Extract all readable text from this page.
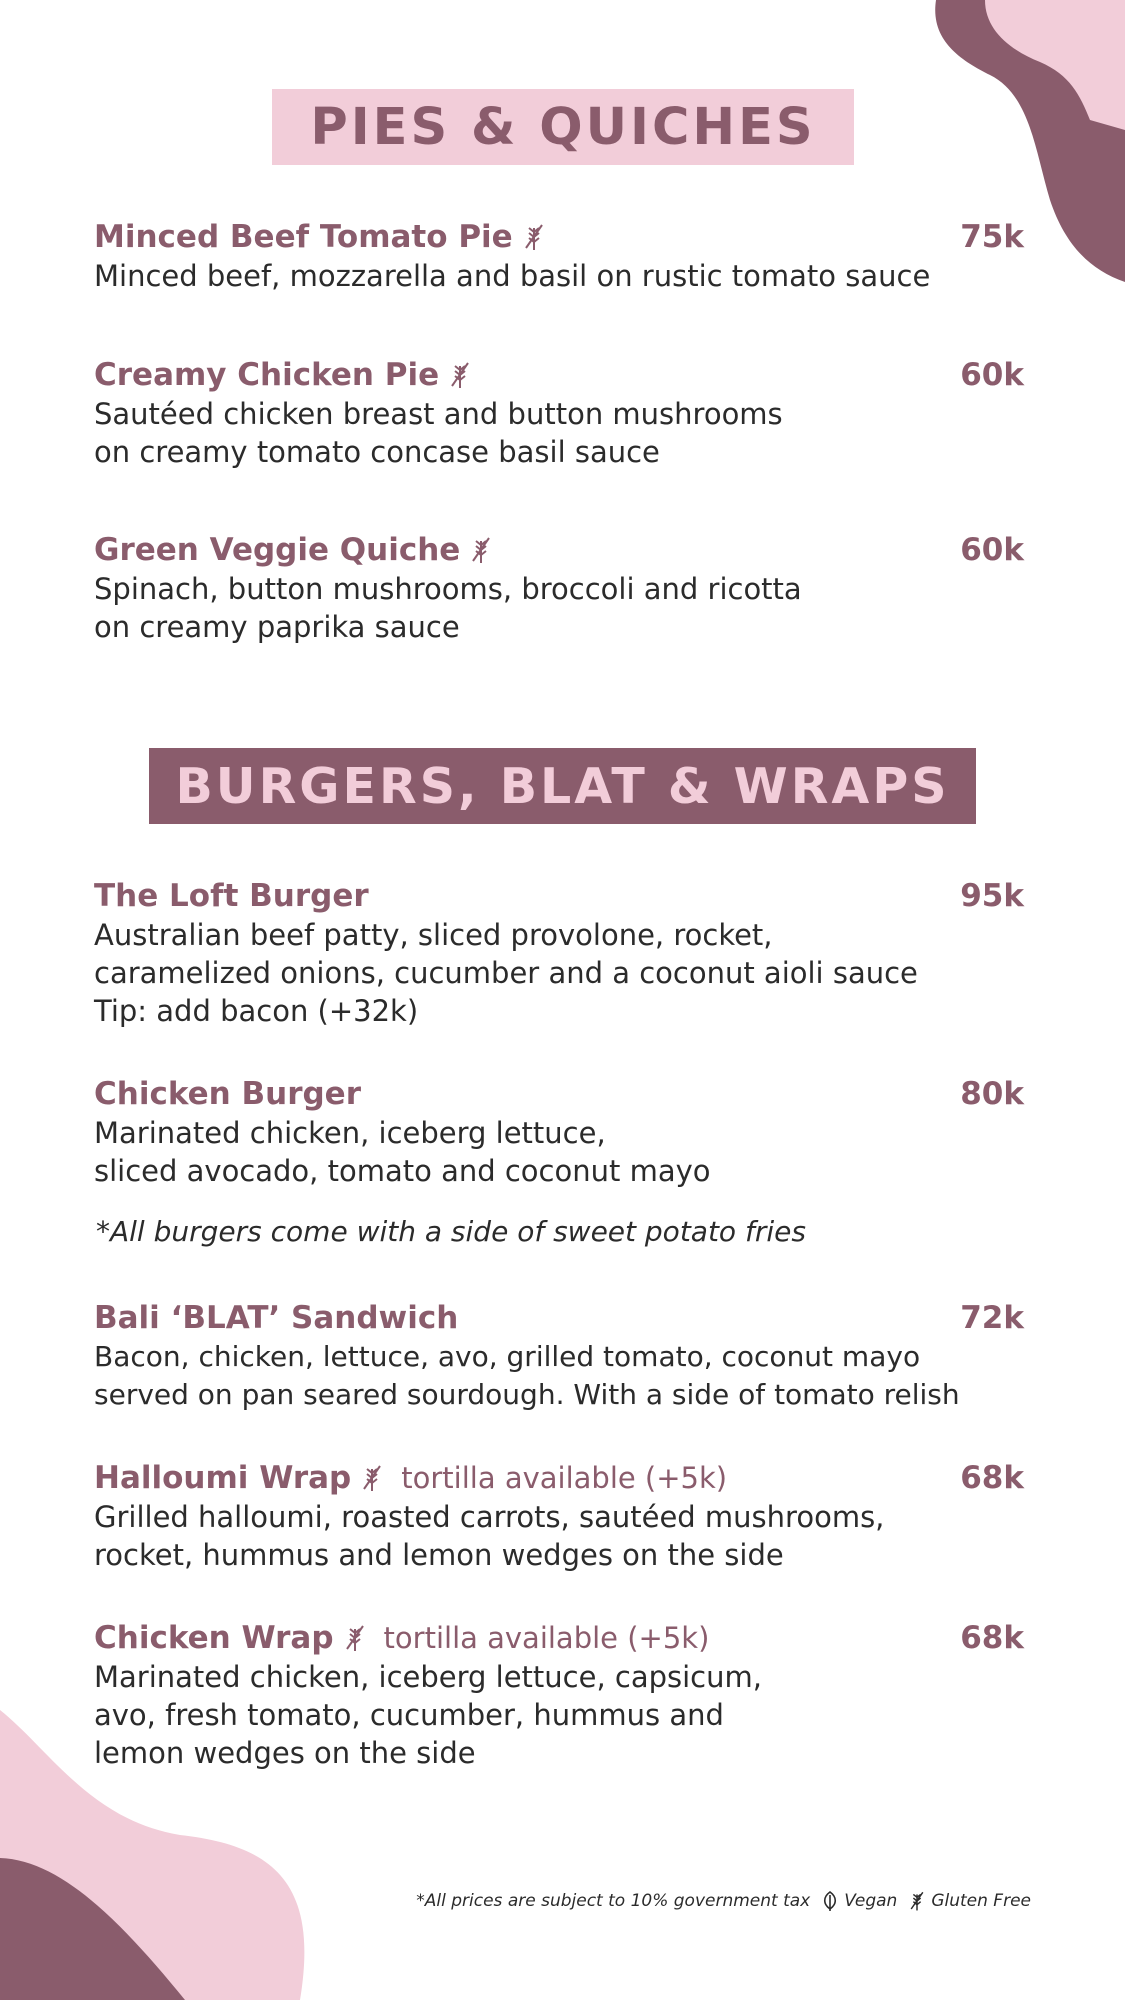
PIES & QUICHES
Minced Beef Tomato Pie	75k

Minced beef, mozzarella and basil on rustic tomato sauce

Creamy Chicken Pie	60k

Sautéed chicken breast and button mushrooms
on creamy tomato concase basil sauce

Green Veggie Quiche	60k

Spinach, button mushrooms, broccoli and ricotta
on creamy paprika sauce

BURGERS, BLAT & WRAPS
The Loft Burger	95k

Australian beef patty, sliced provolone, rocket,
caramelized onions, cucumber and a coconut aioli sauce
Tip: add bacon (+32k)

Chicken Burger	80k

Marinated chicken, iceberg lettuce,
sliced avocado, tomato and coconut mayo

*All burgers come with a side of sweet potato fries

Bali ‘BLAT’ Sandwich	72k

Bacon, chicken, lettuce, avo, grilled tomato, coconut mayo
served on pan seared sourdough. With a side of tomato relish

Halloumi Wrap tortilla available (+5k)	68k

Grilled halloumi, roasted carrots, sautéed mushrooms,
rocket, hummus and lemon wedges on the side

Chicken Wrap tortilla available (+5k)	68k

Marinated chicken, iceberg lettuce, capsicum,
avo, fresh tomato, cucumber, hummus and
lemon wedges on the side

*All prices are subject to 10% government tax Vegan Gluten Free
